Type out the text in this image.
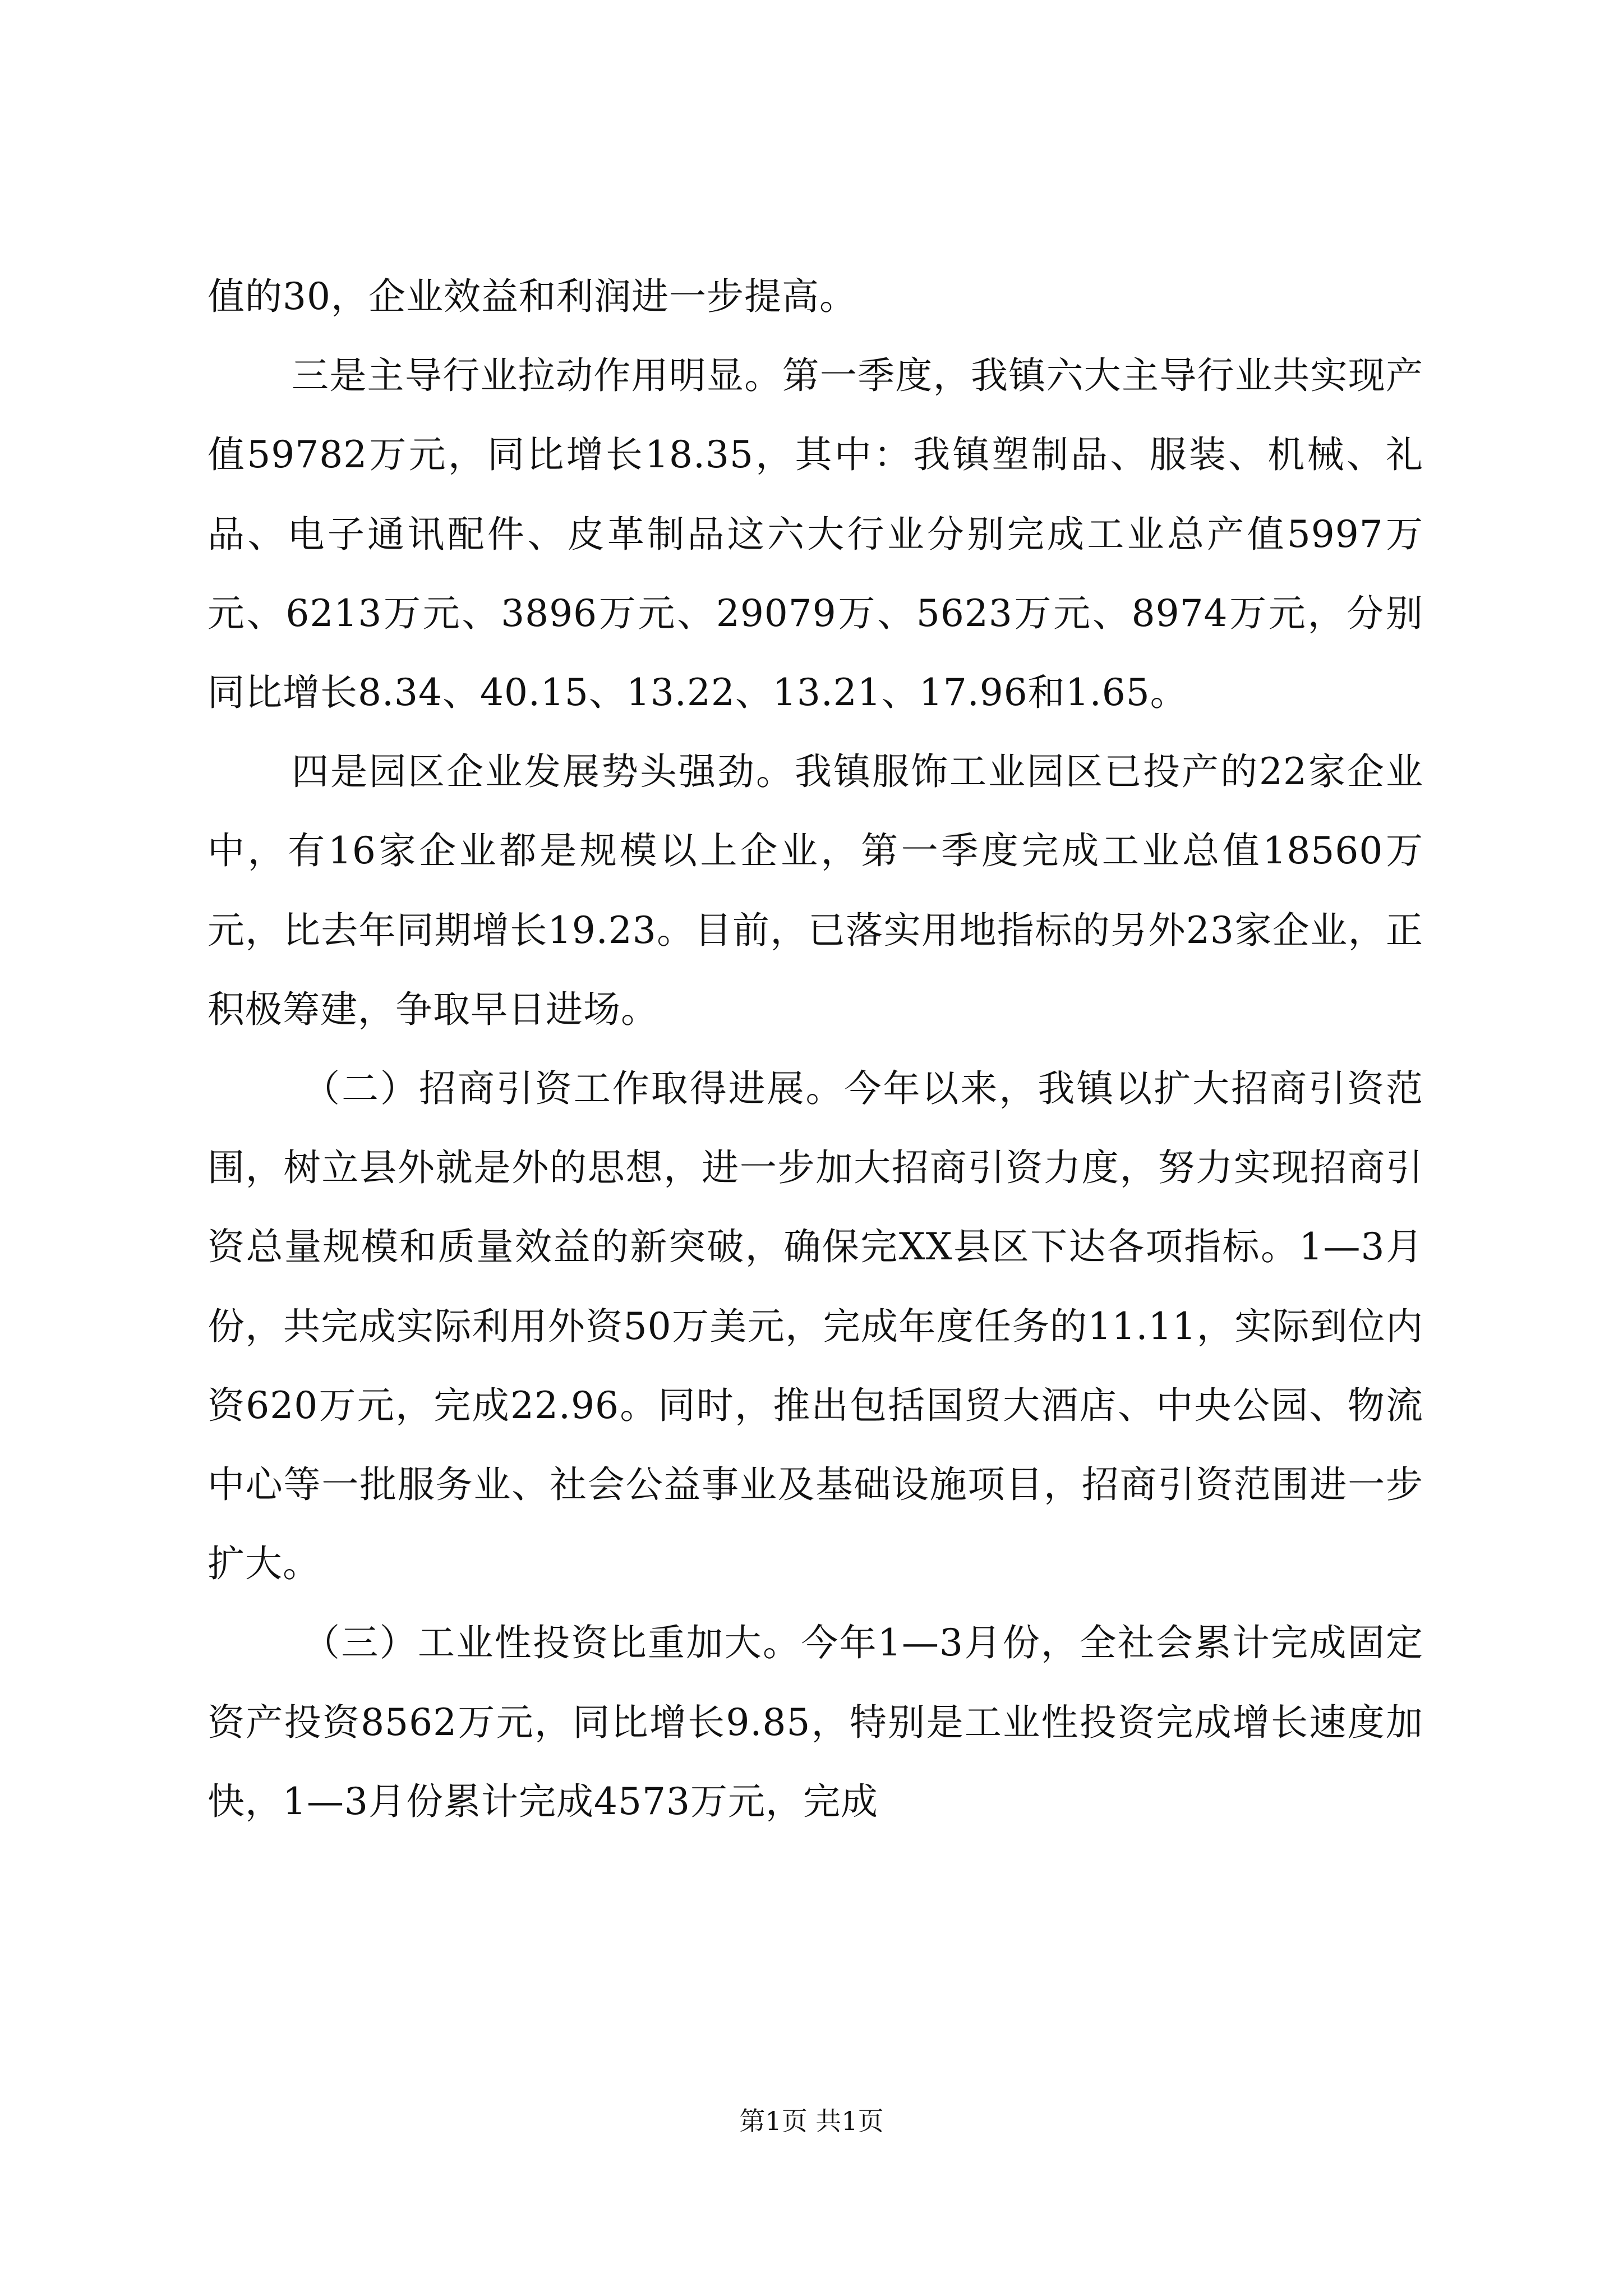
值的30，企业效益和利润进一步提高。

三是主导行业拉动作用明显。第一季度，我镇六大主导行业共实现产值59782万元，同比增长18.35，其中：我镇塑制品、服装、机械、礼品、电子通讯配件、皮革制品这六大行业分别完成工业总产值5997万元、6213万元、3896万元、29079万、5623万元、8974万元，分别同比增长8.34、40.15、13.22、13.21、17.96和1.65。

四是园区企业发展势头强劲。我镇服饰工业园区已投产的22家企业中，有16家企业都是规模以上企业，第一季度完成工业总值18560万元，比去年同期增长19.23。目前，已落实用地指标的另外23家企业，正积极筹建，争取早日进场。

（二）招商引资工作取得进展。今年以来，我镇以扩大招商引资范围，树立县外就是外的思想，进一步加大招商引资力度，努力实现招商引资总量规模和质量效益的新突破，确保完XX县区下达各项指标。1—3月份，共完成实际利用外资50万美元，完成年度任务的11.11，实际到位内资620万元，完成22.96。同时，推出包括国贸大酒店、中央公园、物流中心等一批服务业、社会公益事业及基础设施项目，招商引资范围进一步扩大。

（三）工业性投资比重加大。今年1—3月份，全社会累计完成固定资产投资8562万元，同比增长9.85，特别是工业性投资完成增长速度加快，1—3月份累计完成4573万元，完成

第1页 共1页
